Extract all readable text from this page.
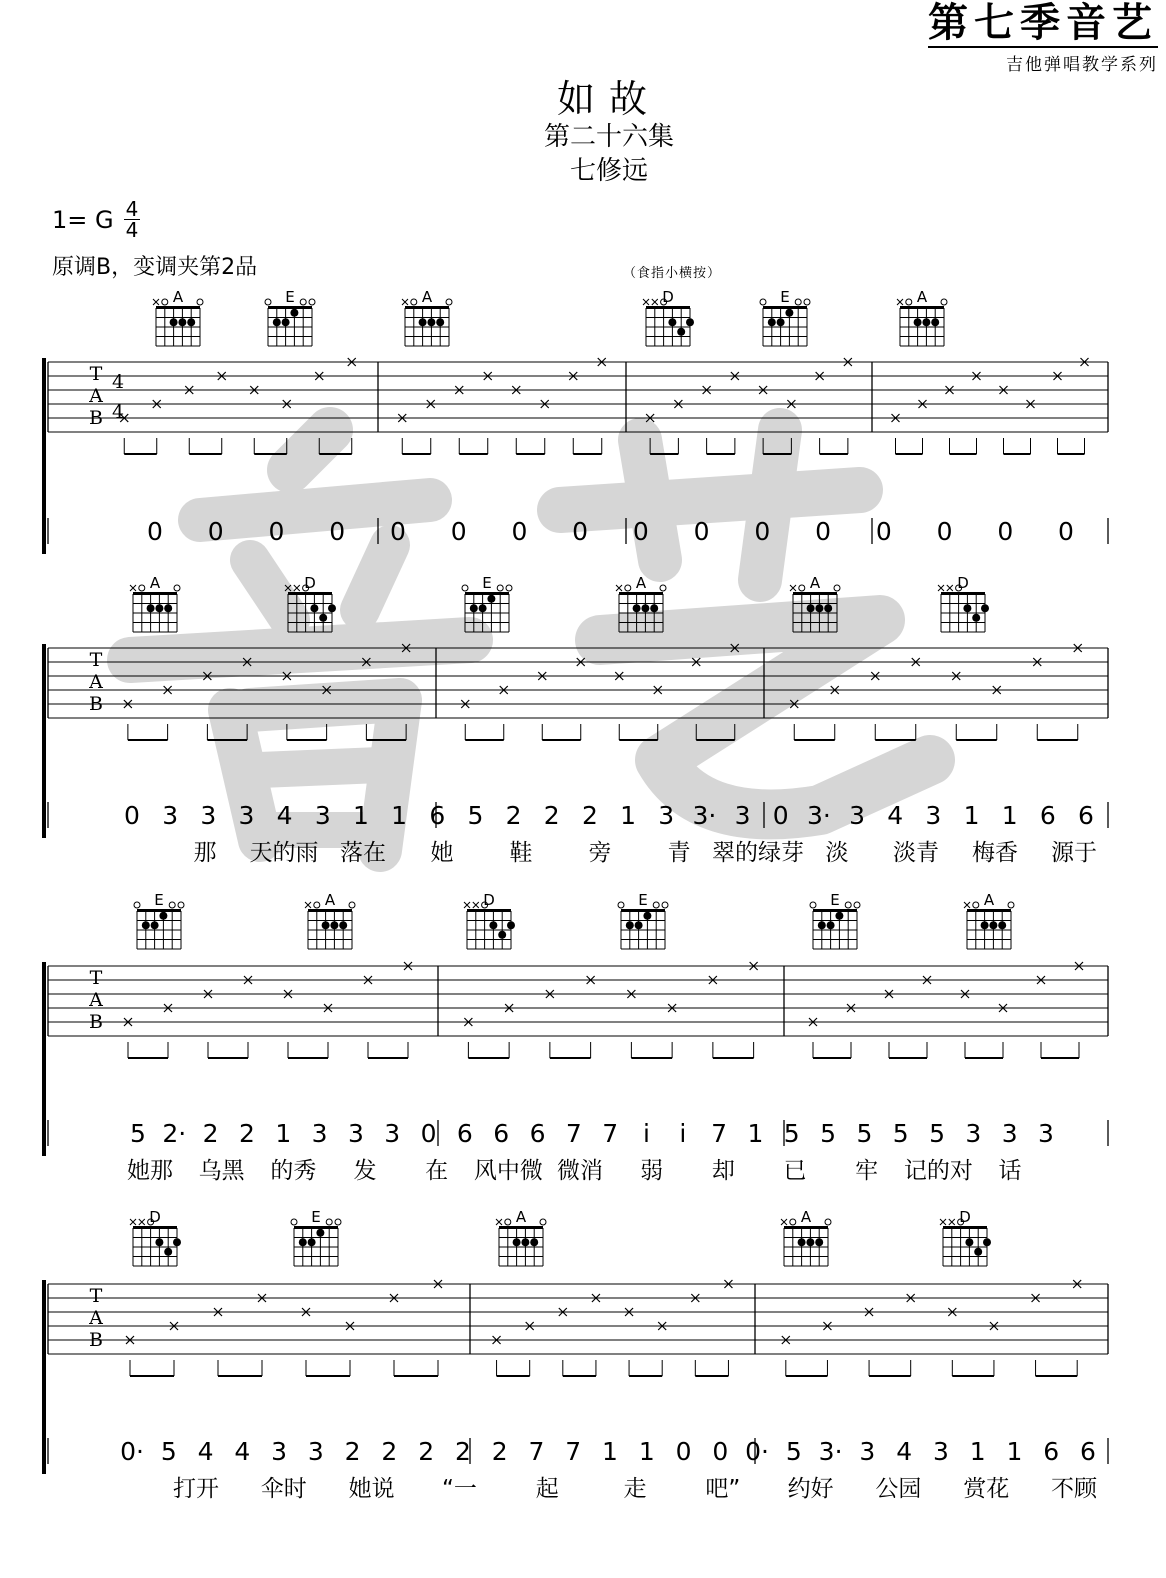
第七季音艺
吉他弹唱教学系列
如故
第二十六集
七修远
1= G 4
4
原调B，变调夹第2品	（食指小横按）
A	E	A	D	E	A
T
A
B
4
4
A	D	E	A	A	D
T
A
B
E	A	D	E	E	A
T
A
B
D	E	A	A	D
T
A
B
0 0 0 0 0 0 0 0 0 0 0 0 0 0 0 0
0 3 3 3 4 3 1 1 6 5 2 2 2 1 3 3· 3 0 3· 3 4 3 1 1 6 6
那 天的雨 落在 她 鞋 旁 青 翠的绿芽 淡 淡青 梅香 源于
5 2· 2 2 1 3 3 3 0 6 6 6 7 7 i i 7 1 5 5 5 5 5 3 3 3
她那 乌黑 的秀 发 在 风中微 微消 弱 却 已 牢 记的对 话
0· 5 4 4 3 3 2 2 2 2 2 7 7 1 1 0 0 0· 5 3· 3 4 3 1 1 6 6
打开 伞时 她说 “一	起	走	吧” 约好 公园 赏花 不顾
